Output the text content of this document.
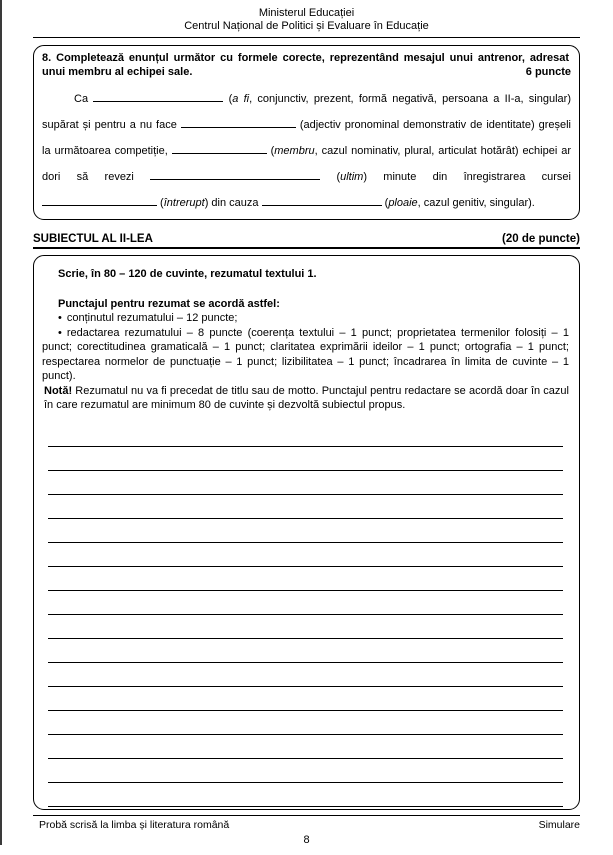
Ministerul Educației
Centrul Național de Politici și Evaluare în Educație
8. Completează enunțul următor cu formele corecte, reprezentând mesajul unui antrenor, adresat unui membru al echipei sale.	6 puncte
Ca	(a fi, conjunctiv, prezent, formă negativă, persoana a II-a, singular)
supărat și pentru a nu face	(adjectiv pronominal demonstrativ de identitate) greșeli
la următoarea competiție,	(membru, cazul nominativ, plural, articulat hotărât) echipei ar
dori să revezi	(ultim) minute din înregistrarea cursei
(întrerupt) din cauza	(ploaie, cazul genitiv, singular).
SUBIECTUL AL II-LEA	(20 de puncte)

Scrie, în 80 – 120 de cuvinte, rezumatul textului 1.

Punctajul pentru rezumat se acordă astfel:

• conținutul rezumatului – 12 puncte;

• redactarea rezumatului – 8 puncte (coerența textului – 1 punct; proprietatea termenilor folosiți – 1 punct; corectitudinea gramaticală – 1 punct; claritatea exprimării ideilor – 1 punct; ortografia – 1 punct; respectarea normelor de punctuație – 1 punct; lizibilitatea – 1 punct; încadrarea în limita de cuvinte – 1 punct).

Notă! Rezumatul nu va fi precedat de titlu sau de motto. Punctajul pentru redactare se acordă doar în cazul în care rezumatul are minimum 80 de cuvinte și dezvoltă subiectul propus.

Probă scrisă la limba și literatura română	Simulare
8
